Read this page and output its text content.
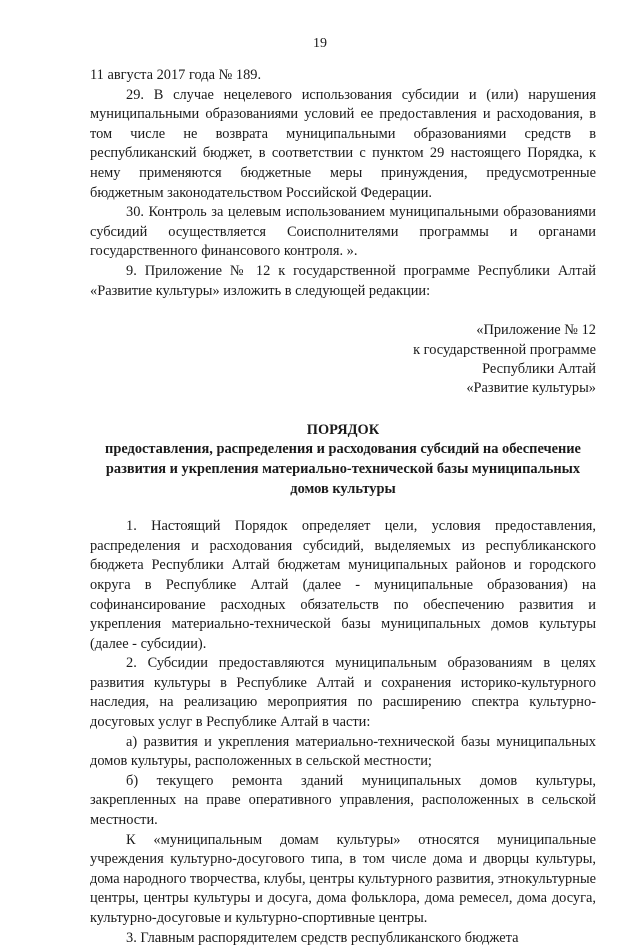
19

11 августа 2017 года № 189.

29. В случае нецелевого использования субсидии и (или) нарушения муниципальными образованиями условий ее предоставления и расходования, в том числе не возврата муниципальными образованиями средств в республиканский бюджет, в соответствии с пунктом 29 настоящего Порядка, к нему применяются бюджетные меры принуждения, предусмотренные бюджетным законодательством Российской Федерации.

30. Контроль за целевым использованием муниципальными образованиями субсидий осуществляется Соисполнителями программы и органами государственного финансового контроля. ».

9. Приложение № 12 к государственной программе Республики Алтай «Развитие культуры» изложить в следующей редакции:

«Приложение № 12

к государственной программе

Республики Алтай

«Развитие культуры»

ПОРЯДОК

предоставления, распределения и расходования субсидий на обеспечение развития и укрепления материально-технической базы муниципальных домов культуры

1. Настоящий Порядок определяет цели, условия предоставления, распределения и расходования субсидий, выделяемых из республиканского бюджета Республики Алтай бюджетам муниципальных районов и городского округа в Республике Алтай (далее - муниципальные образования) на софинансирование расходных обязательств по обеспечению развития и укрепления материально-технической базы муниципальных домов культуры (далее - субсидии).

2. Субсидии предоставляются муниципальным образованиям в целях развития культуры в Республике Алтай и сохранения историко-культурного наследия, на реализацию мероприятия по расширению спектра культурно-досуговых услуг в Республике Алтай в части:

а) развития и укрепления материально-технической базы муниципальных домов культуры, расположенных в сельской местности;

б) текущего ремонта зданий муниципальных домов культуры, закрепленных на праве оперативного управления, расположенных в сельской местности.

К «муниципальным домам культуры» относятся муниципальные учреждения культурно-досугового типа, в том числе дома и дворцы культуры, дома народного творчества, клубы, центры культурного развития, этнокультурные центры, центры культуры и досуга, дома фольклора, дома ремесел, дома досуга, культурно-досуговые и культурно-спортивные центры.

3. Главным распорядителем средств республиканского бюджета
